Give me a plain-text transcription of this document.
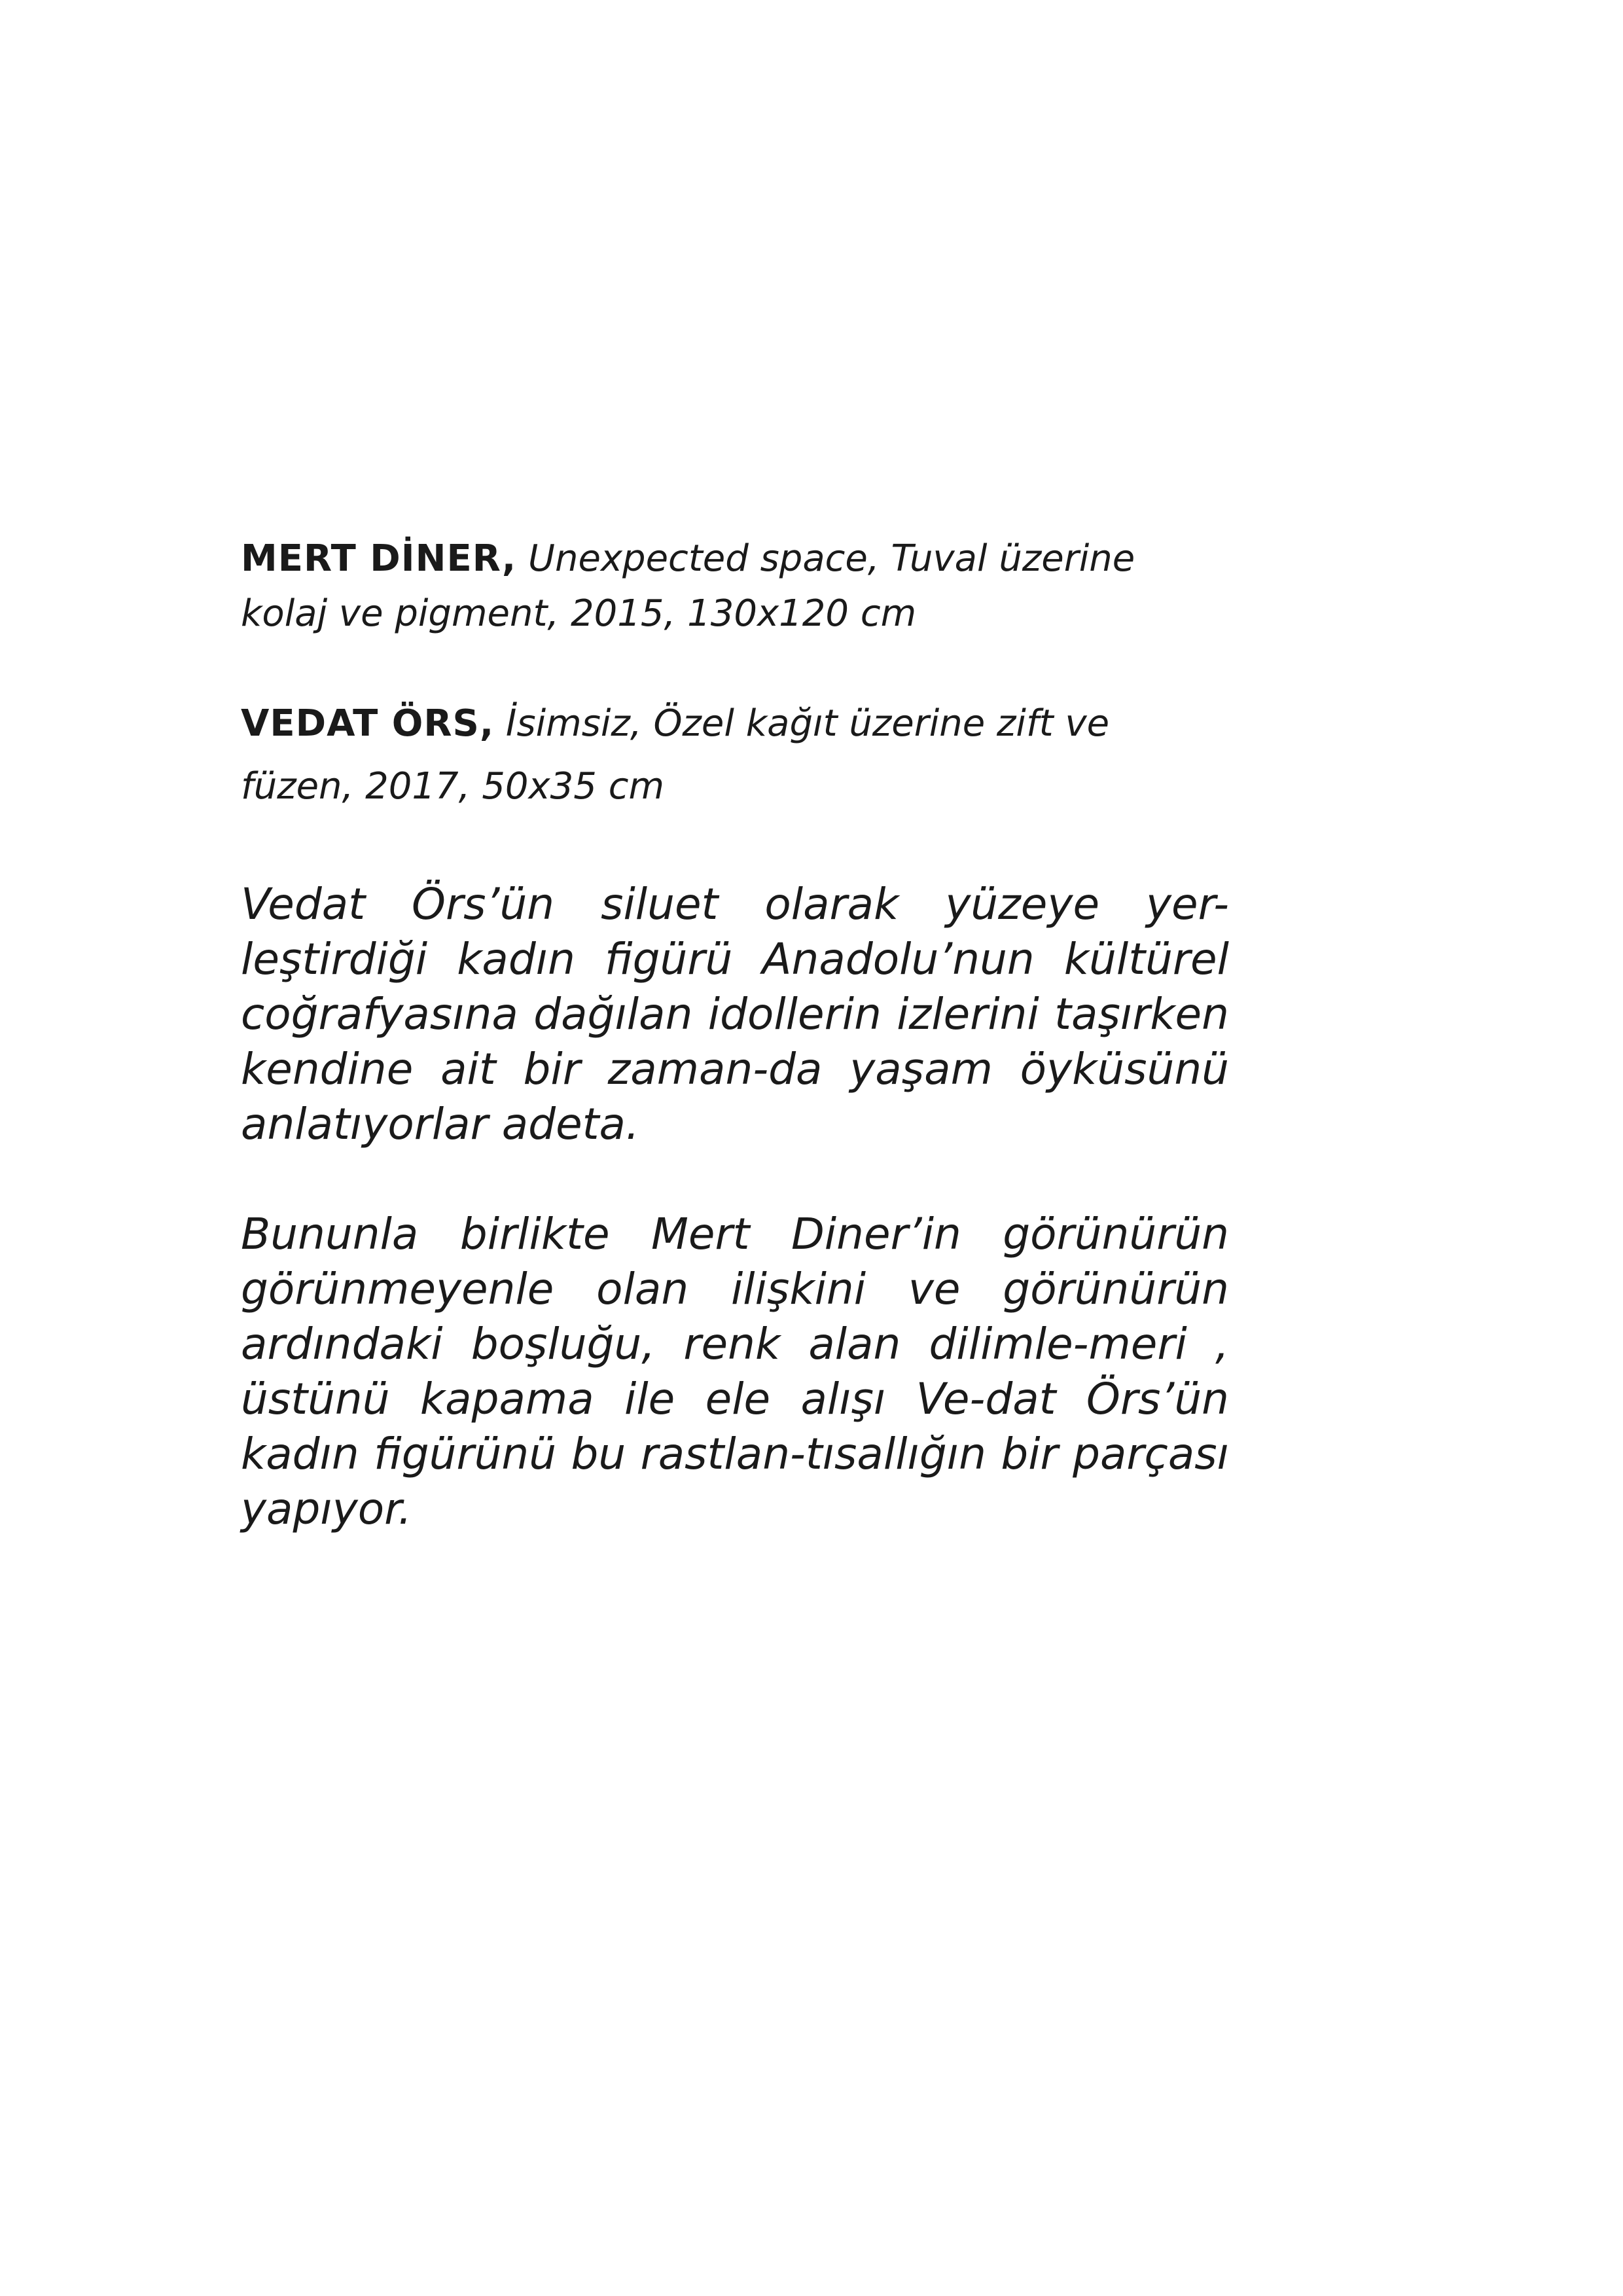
MERT DİNER, Unexpected space, Tuval üzerine kolaj ve pigment, 2015, 130x120 cm

VEDAT ÖRS, İsimsiz, Özel kağıt üzerine zift ve füzen, 2017, 50x35 cm

Vedat Örs’ün siluet olarak yüzeye yer-leştirdiği kadın figürü Anadolu’nun kültürel coğrafyasına dağılan idollerin izlerini taşırken kendine ait bir zaman-da yaşam öyküsünü anlatıyorlar adeta.

Bununla birlikte Mert Diner’in görünürün görünmeyenle olan ilişkini ve görünürün ardındaki boşluğu, renk alan dilimle-meri , üstünü kapama ile ele alışı Ve-dat Örs’ün kadın figürünü bu rastlan-tısallığın bir parçası yapıyor.
